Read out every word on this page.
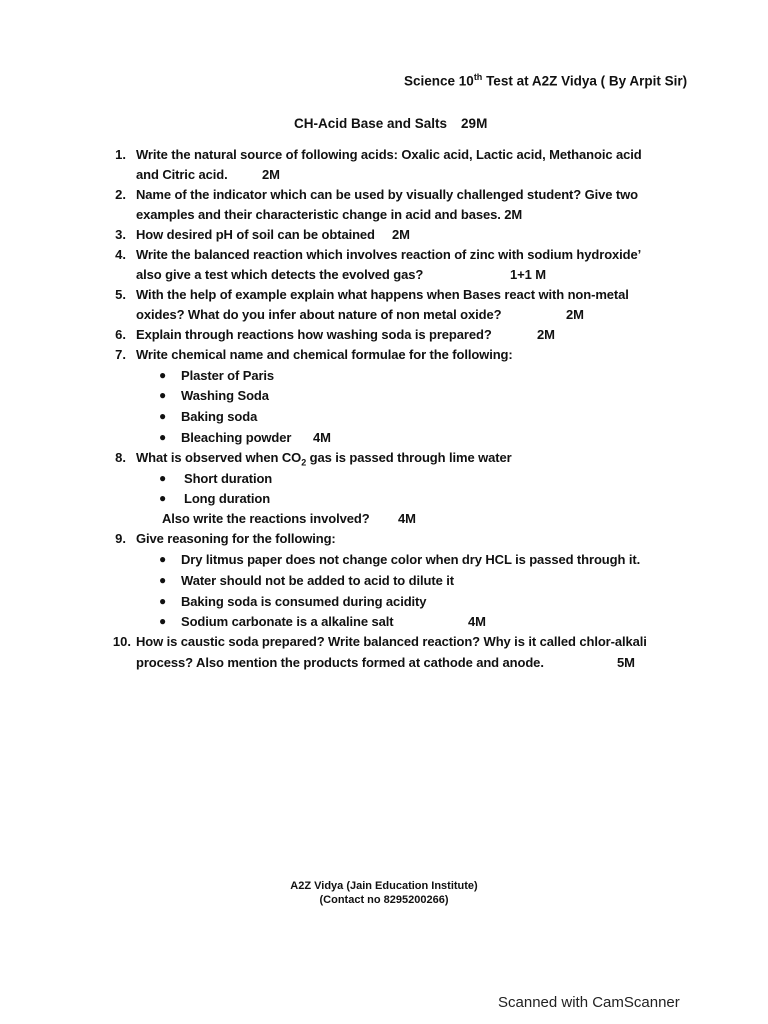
Science 10th Test at A2Z Vidya ( By Arpit Sir)
CH-Acid Base and Salts 29M
1. Write the natural source of following acids: Oxalic acid, Lactic acid, Methanoic acid
and Citric acid.	2M
2. Name of the indicator which can be used by visually challenged student? Give two
examples and their characteristic change in acid and bases. 2M
3. How desired pH of soil can be obtained 2M
4. Write the balanced reaction which involves reaction of zinc with sodium hydroxide’
also give a test which detects the evolved gas?	1+1 M
5. With the help of example explain what happens when Bases react with non-metal
oxides? What do you infer about nature of non metal oxide?	2M
6. Explain through reactions how washing soda is prepared?	2M
7. Write chemical name and chemical formulae for the following:
● Plaster of Paris
● Washing Soda
● Baking soda
● Bleaching powder 4M
8. What is observed when $CO_2$ gas is passed through lime water
● Short duration
● Long duration
Also write the reactions involved? 4M
9. Give reasoning for the following:
● Dry litmus paper does not change color when dry HCL is passed through it.
● Water should not be added to acid to dilute it
● Baking soda is consumed during acidity
● Sodium carbonate is a alkaline salt	4M
10. How is caustic soda prepared? Write balanced reaction? Why is it called chlor-alkali
process? Also mention the products formed at cathode and anode.	5M
A2Z Vidya (Jain Education Institute)
(Contact no 8295200266)
Scanned with CamScanner
